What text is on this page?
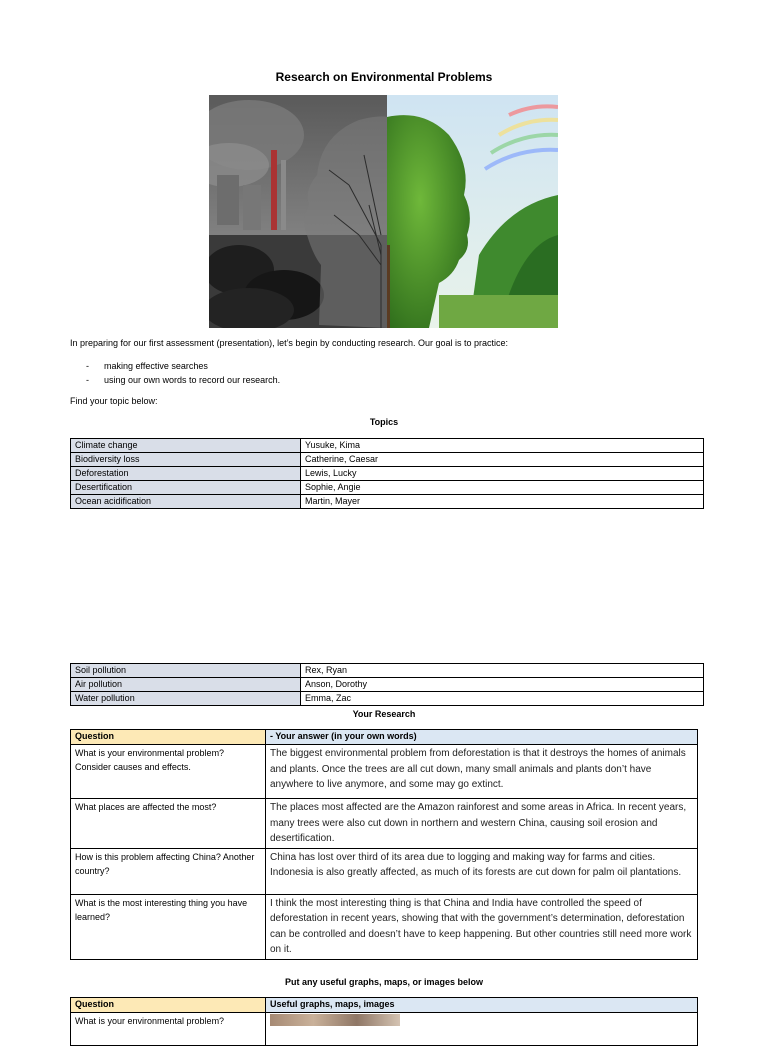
Research on Environmental Problems
In preparing for our first assessment (presentation), let’s begin by conducting research. Our goal is to practice:
- making effective searches
- using our own words to record our research.
Find your topic below:
Topics
Climate change	Yusuke, Kima
Biodiversity loss	Catherine, Caesar
Deforestation	Lewis, Lucky
Desertification	Sophie, Angie
Ocean acidification	Martin, Mayer
Soil pollution	Rex, Ryan
Air pollution	Anson, Dorothy
Water pollution	Emma, Zac
Your Research
Question	- Your answer (in your own words)
What is your environmental problem? Consider causes and effects.	The biggest environmental problem from deforestation is that it destroys the homes of animals and plants. Once the trees are all cut down, many small animals and plants don’t have anywhere to live anymore, and some may go extinct.
What places are affected the most?	The places most affected are the Amazon rainforest and some areas in Africa. In recent years, many trees were also cut down in northern and western China, causing soil erosion and desertification.
How is this problem affecting China? Another country?	China has lost over third of its area due to logging and making way for farms and cities. Indonesia is also greatly affected, as much of its forests are cut down for palm oil plantations.
What is the most interesting thing you have learned?	I think the most interesting thing is that China and India have controlled the speed of deforestation in recent years, showing that with the government’s determination, deforestation can be controlled and doesn’t have to keep happening. But other countries still need more work on it.
Put any useful graphs, maps, or images below
Question	Useful graphs, maps, images
What is your environmental problem?	
